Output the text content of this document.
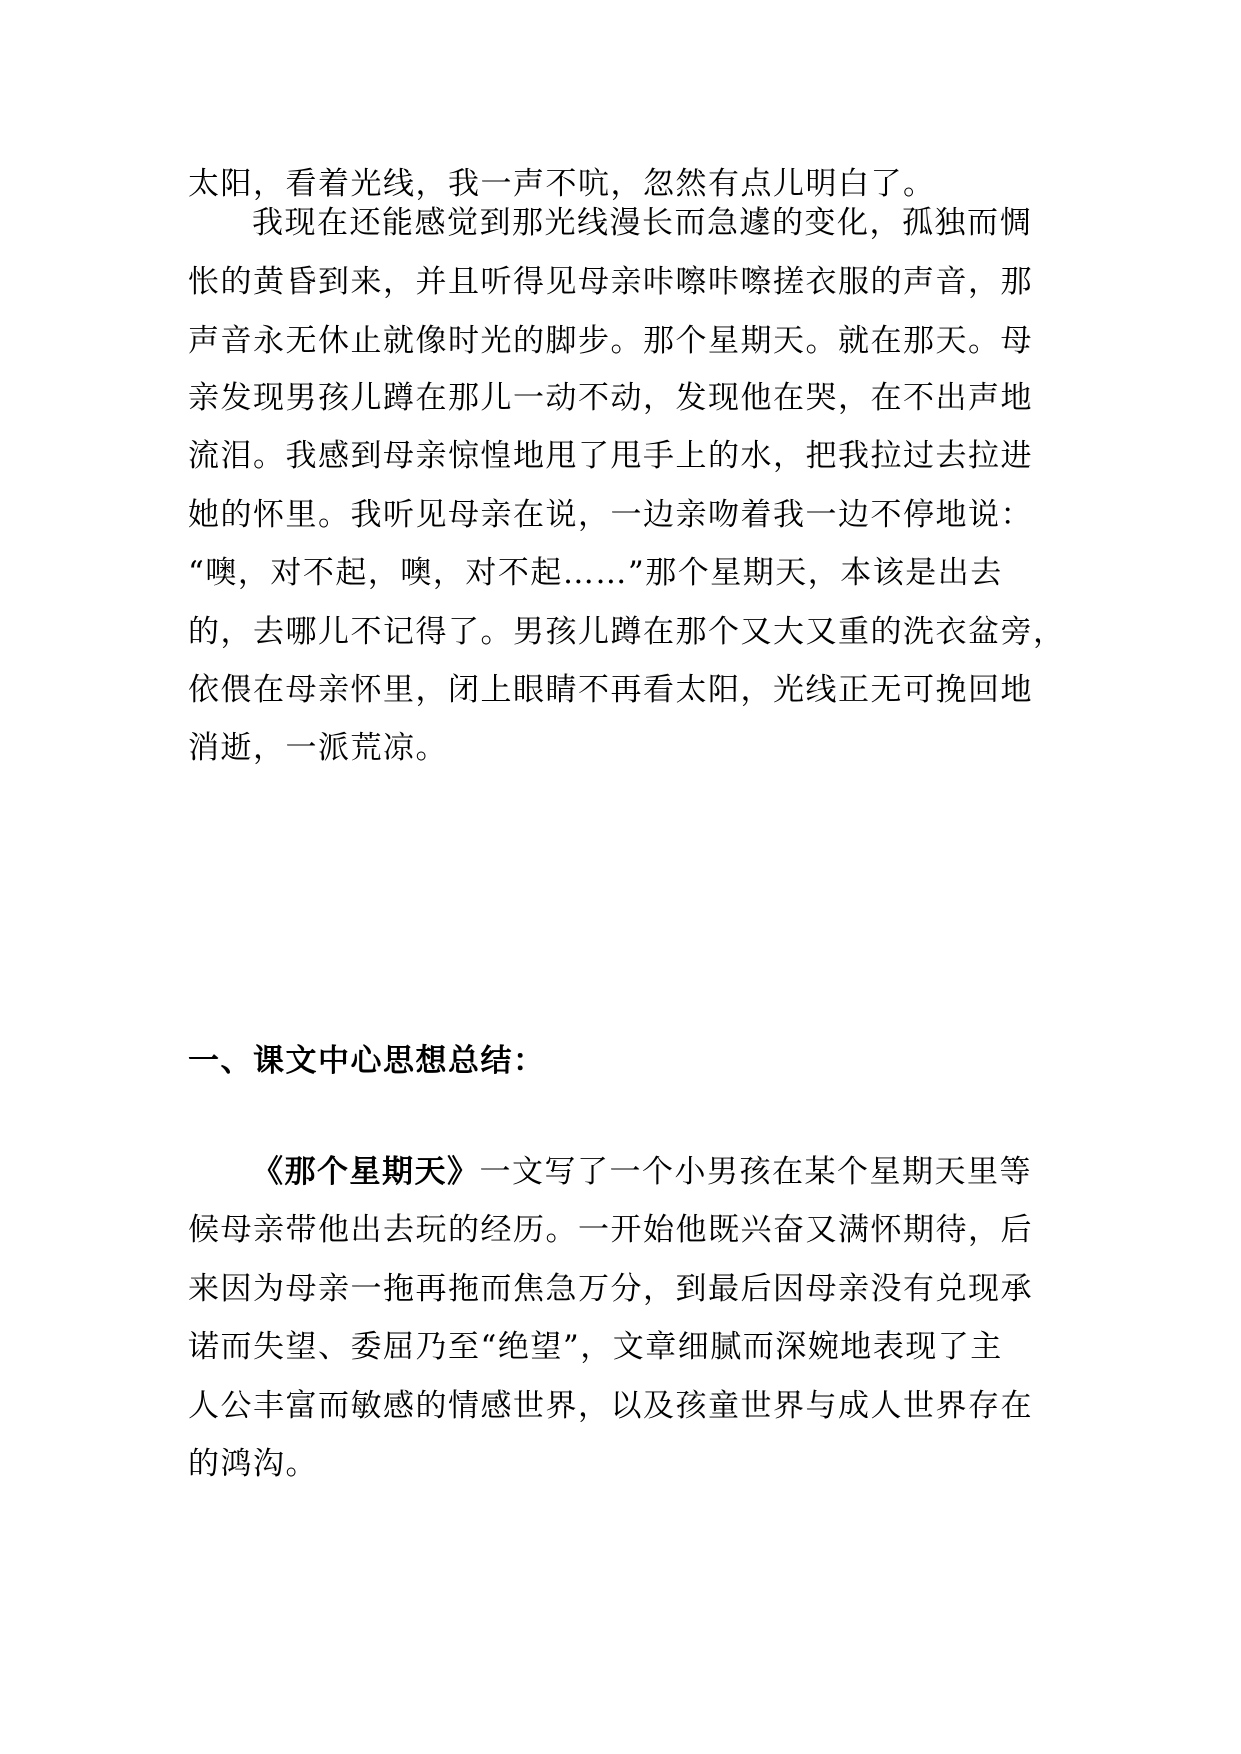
太阳，看着光线，我一声不吭，忽然有点儿明白了。
我现在还能感觉到那光线漫长而急遽的变化，孤独而惆
怅的黄昏到来，并且听得见母亲咔嚓咔嚓搓衣服的声音，那
声音永无休止就像时光的脚步。那个星期天。就在那天。母
亲发现男孩儿蹲在那儿一动不动，发现他在哭，在不出声地
流泪。我感到母亲惊惶地甩了甩手上的水，把我拉过去拉进
她的怀里。我听见母亲在说，一边亲吻着我一边不停地说：
“噢，对不起，噢，对不起……”那个星期天，本该是出去
的，去哪儿不记得了。男孩儿蹲在那个又大又重的洗衣盆旁，
依偎在母亲怀里，闭上眼睛不再看太阳，光线正无可挽回地
消逝，一派荒凉。
一、课文中心思想总结：
《那个星期天》一文写了一个小男孩在某个星期天里等
候母亲带他出去玩的经历。一开始他既兴奋又满怀期待，后
来因为母亲一拖再拖而焦急万分，到最后因母亲没有兑现承
诺而失望、委屈乃至“绝望”，文章细腻而深婉地表现了主
人公丰富而敏感的情感世界，以及孩童世界与成人世界存在
的鸿沟。
